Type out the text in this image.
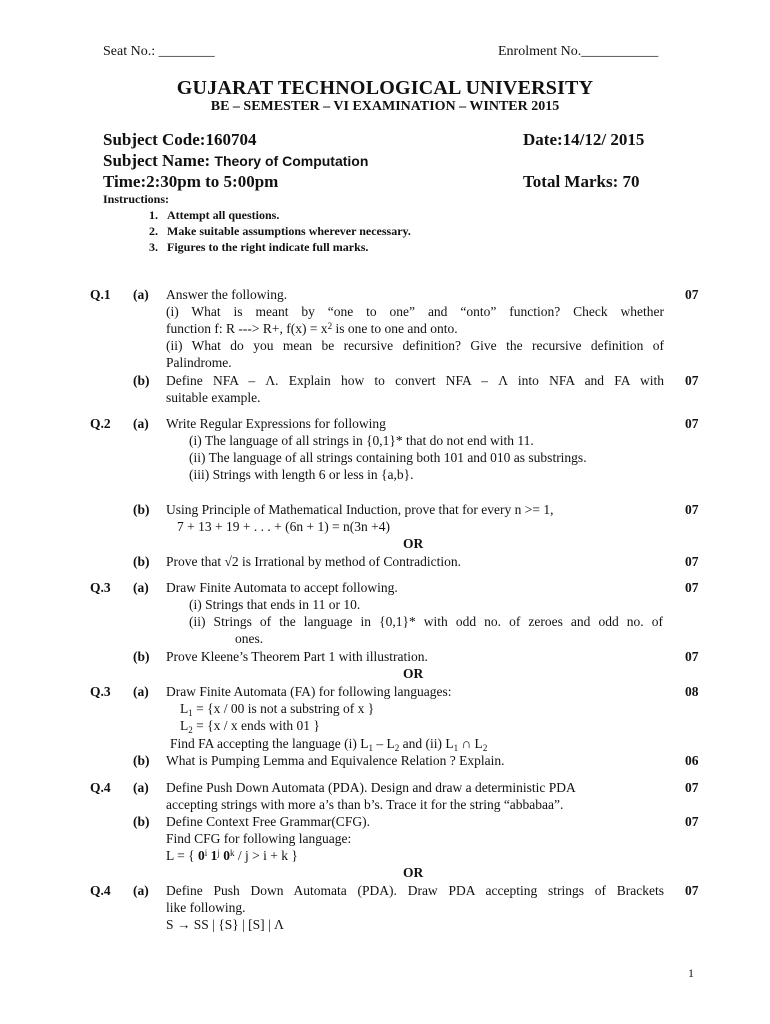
Seat No.: ________	Enrolment No.___________
GUJARAT TECHNOLOGICAL UNIVERSITY
BE – SEMESTER – VI EXAMINATION – WINTER 2015
Subject Code:160704	Date:14/12/ 2015
Subject Name: Theory of Computation
Time:2:30pm to 5:00pm	Total Marks: 70
Instructions:
1.   Attempt all questions.
2.   Make suitable assumptions wherever necessary.
3.   Figures to the right indicate full marks.
Q.1 (a) Answer the following.	07
(i) What is meant by “one to one” and “onto” function? Check whether
function f: R ---> R+, $f(x) = x^2$ is one to one and onto.
(ii) What do you mean be recursive definition? Give the recursive definition of
Palindrome.
(b) Define NFA – Λ. Explain how to convert NFA – Λ into NFA and FA with 07
suitable example.
Q.2 (a) Write Regular Expressions for following	07
(i) The language of all strings in {0,1}* that do not end with 11.
(ii) The language of all strings containing both 101 and 010 as substrings.
(iii) Strings with length 6 or less in {a,b}.
(b) Using Principle of Mathematical Induction, prove that for every n >= 1,	07
7 + 13 + 19 + . . . + (6n + 1) = n(3n +4)
OR
(b) Prove that √2 is Irrational by method of Contradiction.	07
Q.3 (a) Draw Finite Automata to accept following.	07
(i) Strings that ends in 11 or 10.
(ii) Strings of the language in {0,1}* with odd no. of zeroes and odd no. of
ones.
(b) Prove Kleene’s Theorem Part 1 with illustration.	07
OR
Q.3 (a) Draw Finite Automata (FA) for following languages:	08
$L_1 = \{x / 00$ is not a substring of x }
$L_2 = \{x / x$ ends with 01 }
Find FA accepting the language (i) $L_1 - L_2$ and (ii) $L_1$ ∩ $L_2$
(b) What is Pumping Lemma and Equivalence Relation ? Explain.	06
Q.4 (a) Define Push Down Automata (PDA). Design and draw a deterministic PDA	07
accepting strings with more a’s than b’s. Trace it for the string “abbabaa”.
(b) Define Context Free Grammar(CFG).	07
Find CFG for following language:
L = { 0$^i$ 1$^j$ 0$^k$ / j > i + k }
OR
Q.4 (a) Define Push Down Automata (PDA). Draw PDA accepting strings of Brackets 07
like following.
S → SS | {S} | [S] | Λ
1
